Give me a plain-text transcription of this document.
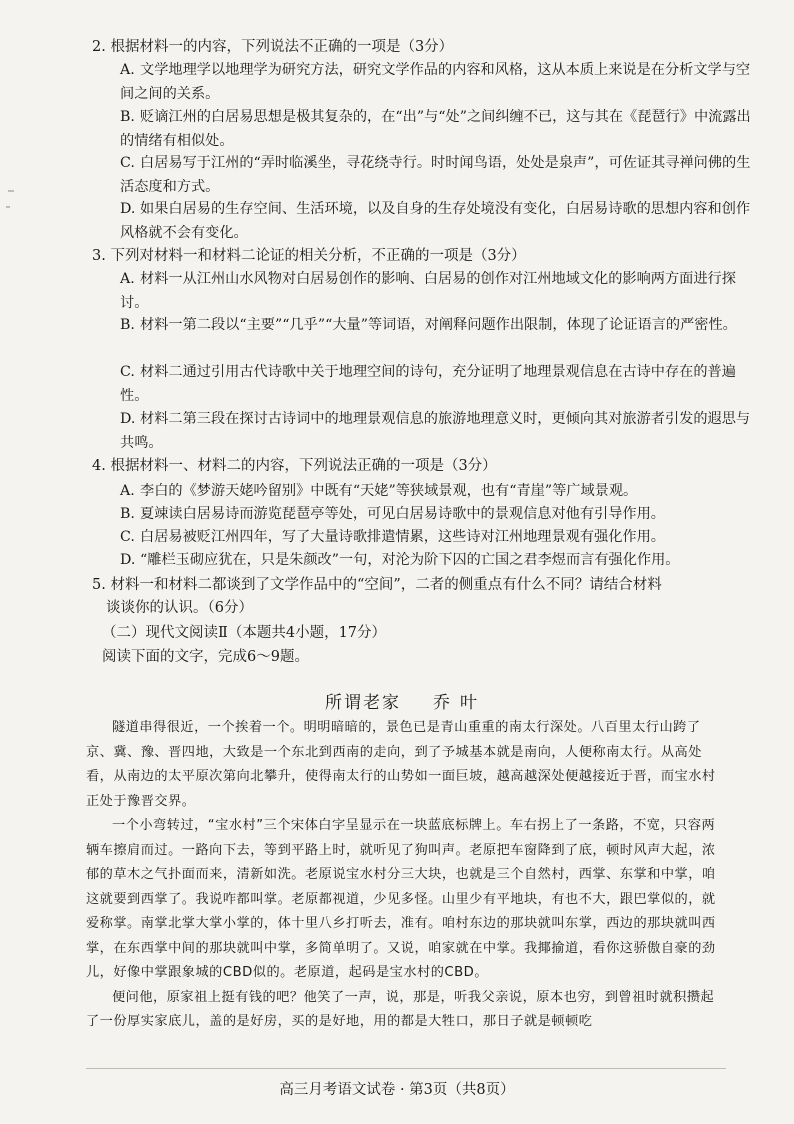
2. 根据材料一的内容，下列说法不正确的一项是（3分）
A. 文学地理学以地理学为研究方法，研究文学作品的内容和风格，这从本质上来说是在分析文学与空间之间的关系。
B. 贬谪江州的白居易思想是极其复杂的，在“出”与“处”之间纠缠不已，这与其在《琵琶行》中流露出的情绪有相似处。
C. 白居易写于江州的“弄时临溪坐，寻花绕寺行。时时闻鸟语，处处是泉声”，可佐证其寻禅问佛的生活态度和方式。
D. 如果白居易的生存空间、生活环境，以及自身的生存处境没有变化，白居易诗歌的思想内容和创作风格就不会有变化。
3. 下列对材料一和材料二论证的相关分析，不正确的一项是（3分）
A. 材料一从江州山水风物对白居易创作的影响、白居易的创作对江州地域文化的影响两方面进行探讨。
B. 材料一第二段以“主要”“几乎”“大量”等词语，对阐释问题作出限制，体现了论证语言的严密性。
C. 材料二通过引用古代诗歌中关于地理空间的诗句，充分证明了地理景观信息在古诗中存在的普遍性。
D. 材料二第三段在探讨古诗词中的地理景观信息的旅游地理意义时，更倾向其对旅游者引发的遐思与共鸣。
4. 根据材料一、材料二的内容，下列说法正确的一项是（3分）
A. 李白的《梦游天姥吟留别》中既有“天姥”等狭域景观，也有“青崖”等广域景观。
B. 夏竦读白居易诗而游览琵琶亭等处，可见白居易诗歌中的景观信息对他有引导作用。
C. 白居易被贬江州四年，写了大量诗歌排遣情累，这些诗对江州地理景观有强化作用。
D. “雕栏玉砌应犹在，只是朱颜改”一句，对沦为阶下囚的亡国之君李煜而言有强化作用。
5. 材料一和材料二都谈到了文学作品中的“空间”，二者的侧重点有什么不同？请结合材料
谈谈你的认识。（6分）
（二）现代文阅读Ⅱ（本题共4小题，17分）
阅读下面的文字，完成6～9题。
所谓老家 乔叶

隧道串得很近，一个挨着一个。明明暗暗的，景色已是青山重重的南太行深处。八百里太行山跨了京、冀、豫、晋四地，大致是一个东北到西南的走向，到了予城基本就是南向，人便称南太行。从高处看，从南边的太平原次第向北攀升，使得南太行的山势如一面巨坡，越高越深处便越接近于晋，而宝水村正处于豫晋交界。

一个小弯转过，“宝水村”三个宋体白字呈显示在一块蓝底标牌上。车右拐上了一条路，不宽，只容两辆车擦肩而过。一路向下去，等到平路上时，就听见了狗叫声。老原把车窗降到了底，顿时风声大起，浓郁的草木之气扑面而来，清新如洗。老原说宝水村分三大块，也就是三个自然村，西掌、东掌和中掌，咱这就要到西掌了。我说咋都叫掌。老原都视道，少见多怪。山里少有平地块，有也不大，跟巴掌似的，就爱称掌。南掌北掌大掌小掌的，体十里八乡打听去，准有。咱村东边的那块就叫东掌，西边的那块就叫西掌，在东西掌中间的那块就叫中掌，多简单明了。又说，咱家就在中掌。我揶揄道，看你这骄傲自豪的劲儿，好像中掌跟象城的CBD似的。老原道，起码是宝水村的CBD。

便问他，原家祖上挺有钱的吧？他笑了一声，说，那是，听我父亲说，原本也穷，到曾祖时就积攒起了一份厚实家底儿，盖的是好房，买的是好地，用的都是大牲口，那日子就是顿顿吃

高三月考语文试卷 · 第3页（共8页）
